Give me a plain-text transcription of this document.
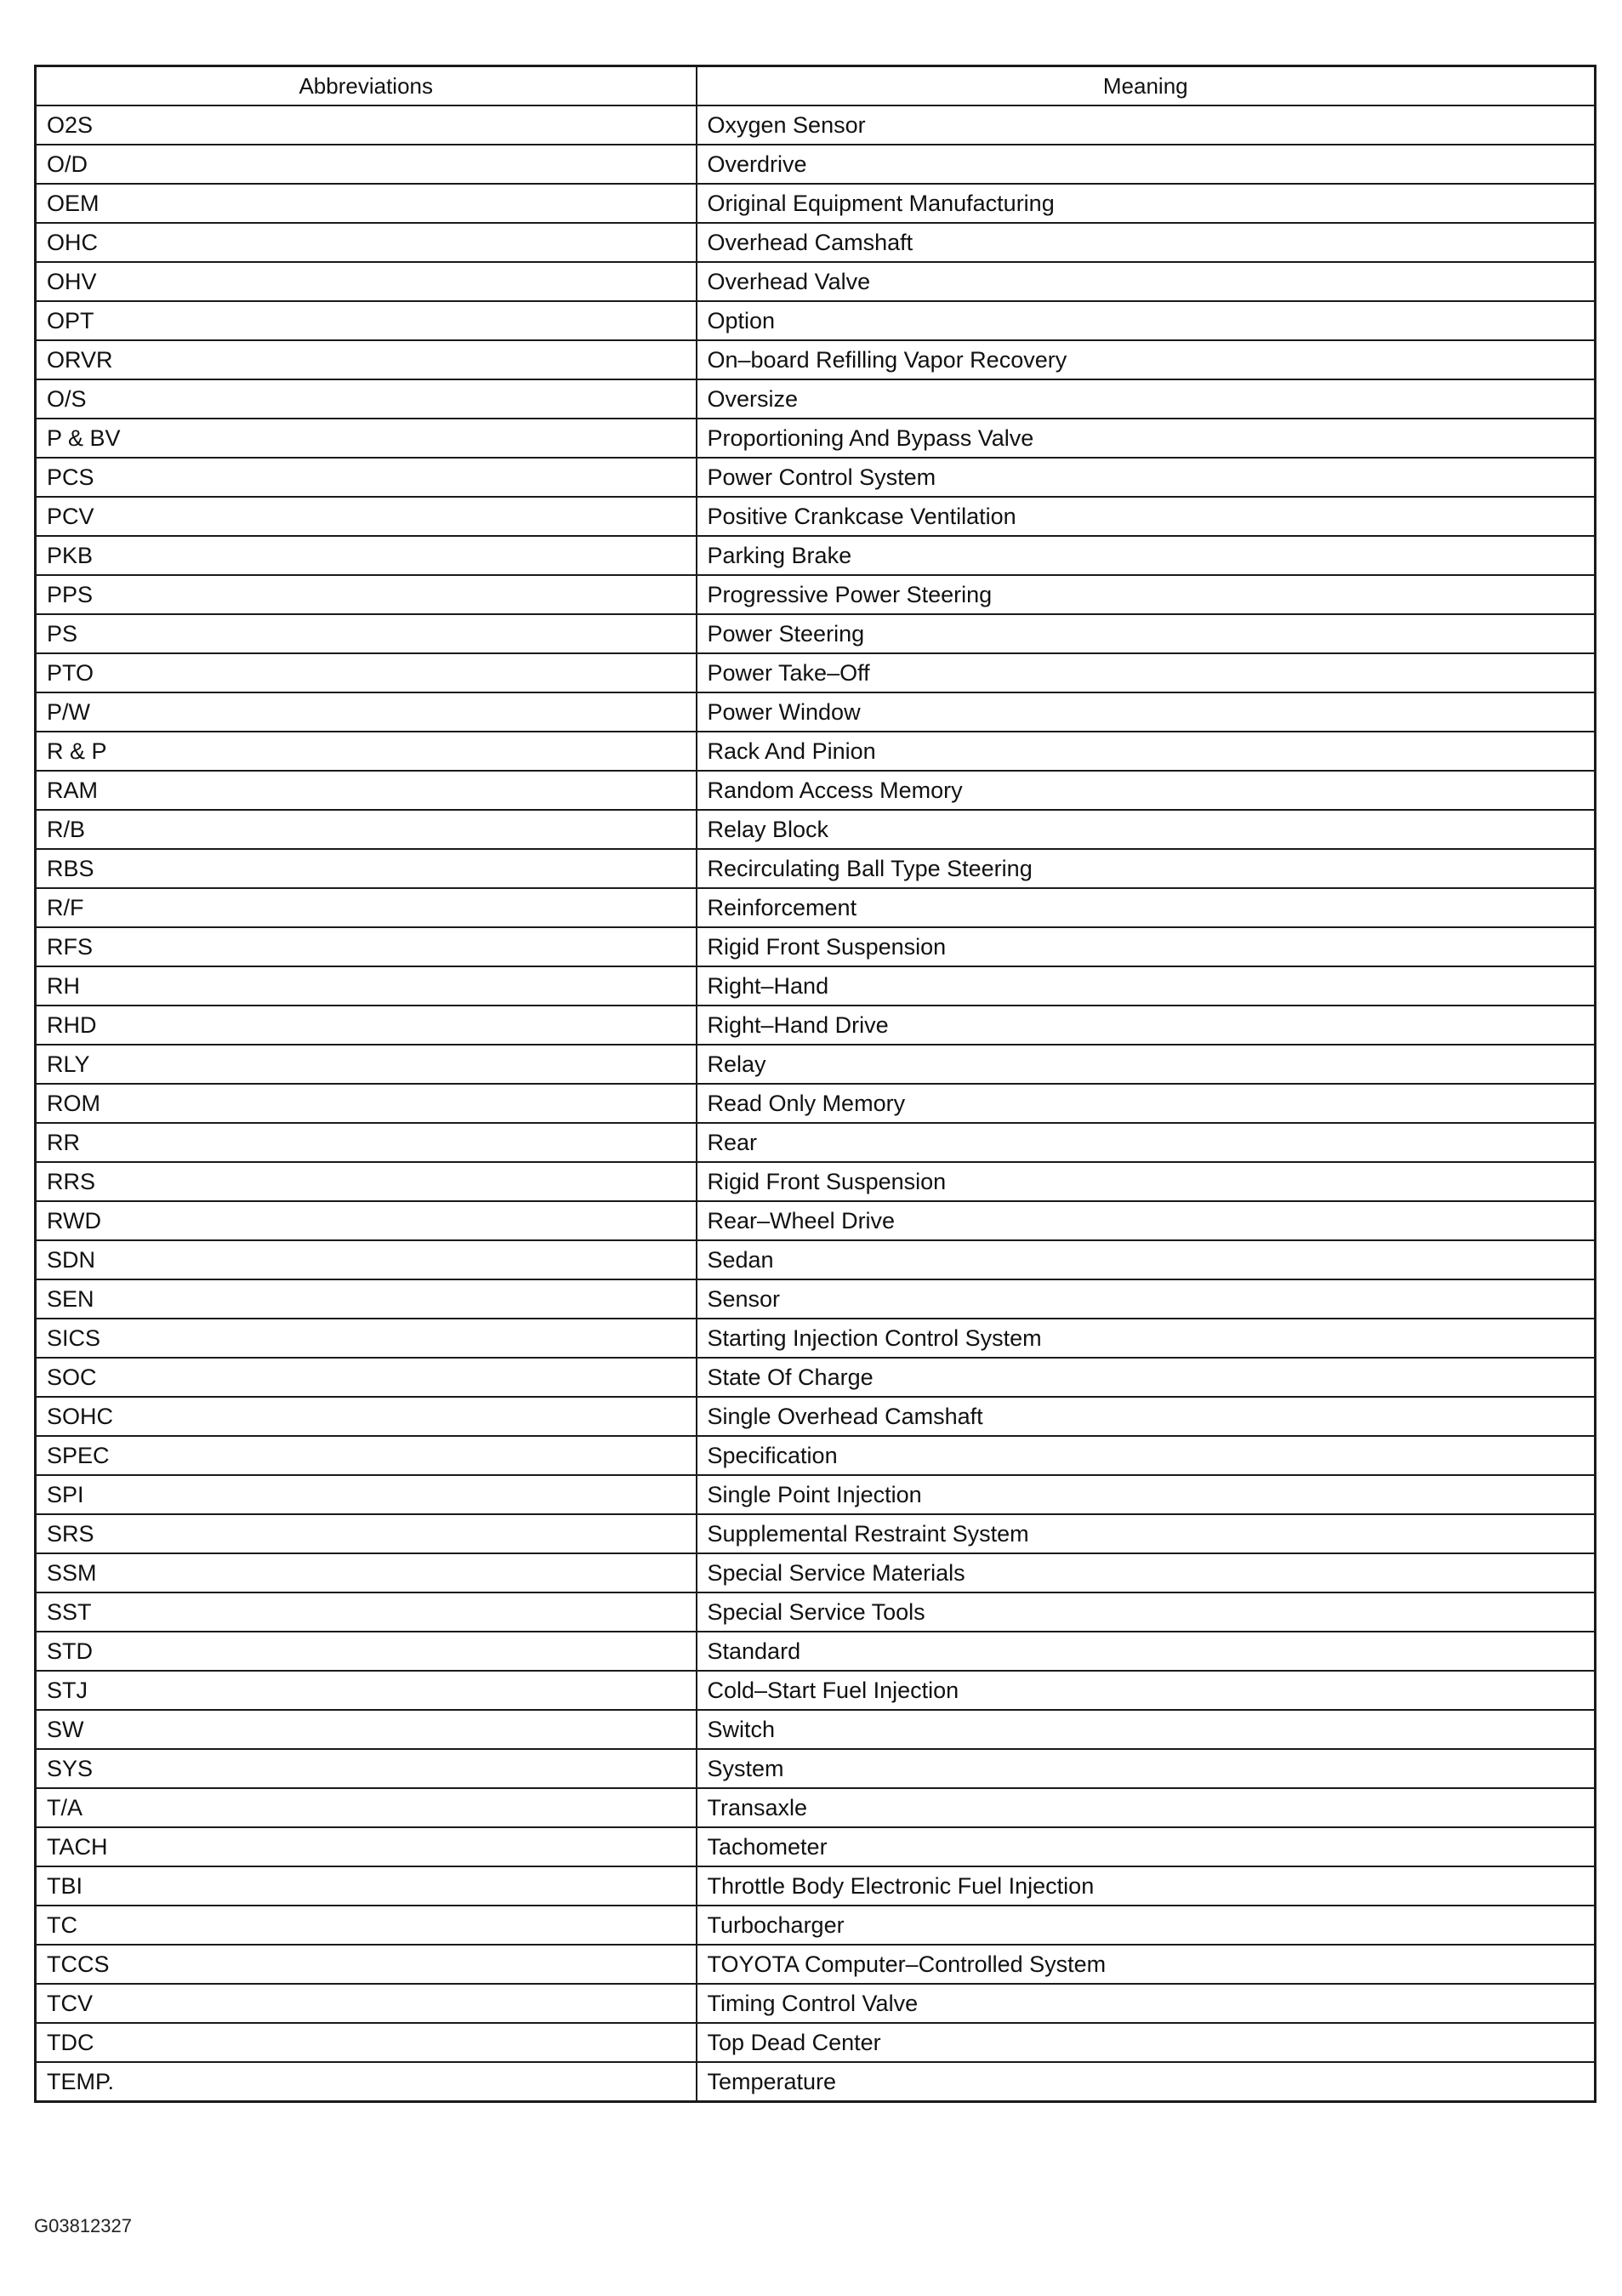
Abbreviations	Meaning
O2S	Oxygen Sensor
O/D	Overdrive
OEM	Original Equipment Manufacturing
OHC	Overhead Camshaft
OHV	Overhead Valve
OPT	Option
ORVR	On–board Refilling Vapor Recovery
O/S	Oversize
P & BV	Proportioning And Bypass Valve
PCS	Power Control System
PCV	Positive Crankcase Ventilation
PKB	Parking Brake
PPS	Progressive Power Steering
PS	Power Steering
PTO	Power Take–Off
P/W	Power Window
R & P	Rack And Pinion
RAM	Random Access Memory
R/B	Relay Block
RBS	Recirculating Ball Type Steering
R/F	Reinforcement
RFS	Rigid Front Suspension
RH	Right–Hand
RHD	Right–Hand Drive
RLY	Relay
ROM	Read Only Memory
RR	Rear
RRS	Rigid Front Suspension
RWD	Rear–Wheel Drive
SDN	Sedan
SEN	Sensor
SICS	Starting Injection Control System
SOC	State Of Charge
SOHC	Single Overhead Camshaft
SPEC	Specification
SPI	Single Point Injection
SRS	Supplemental Restraint System
SSM	Special Service Materials
SST	Special Service Tools
STD	Standard
STJ	Cold–Start Fuel Injection
SW	Switch
SYS	System
T/A	Transaxle
TACH	Tachometer
TBI	Throttle Body Electronic Fuel Injection
TC	Turbocharger
TCCS	TOYOTA Computer–Controlled System
TCV	Timing Control Valve
TDC	Top Dead Center
TEMP.	Temperature
G03812327
